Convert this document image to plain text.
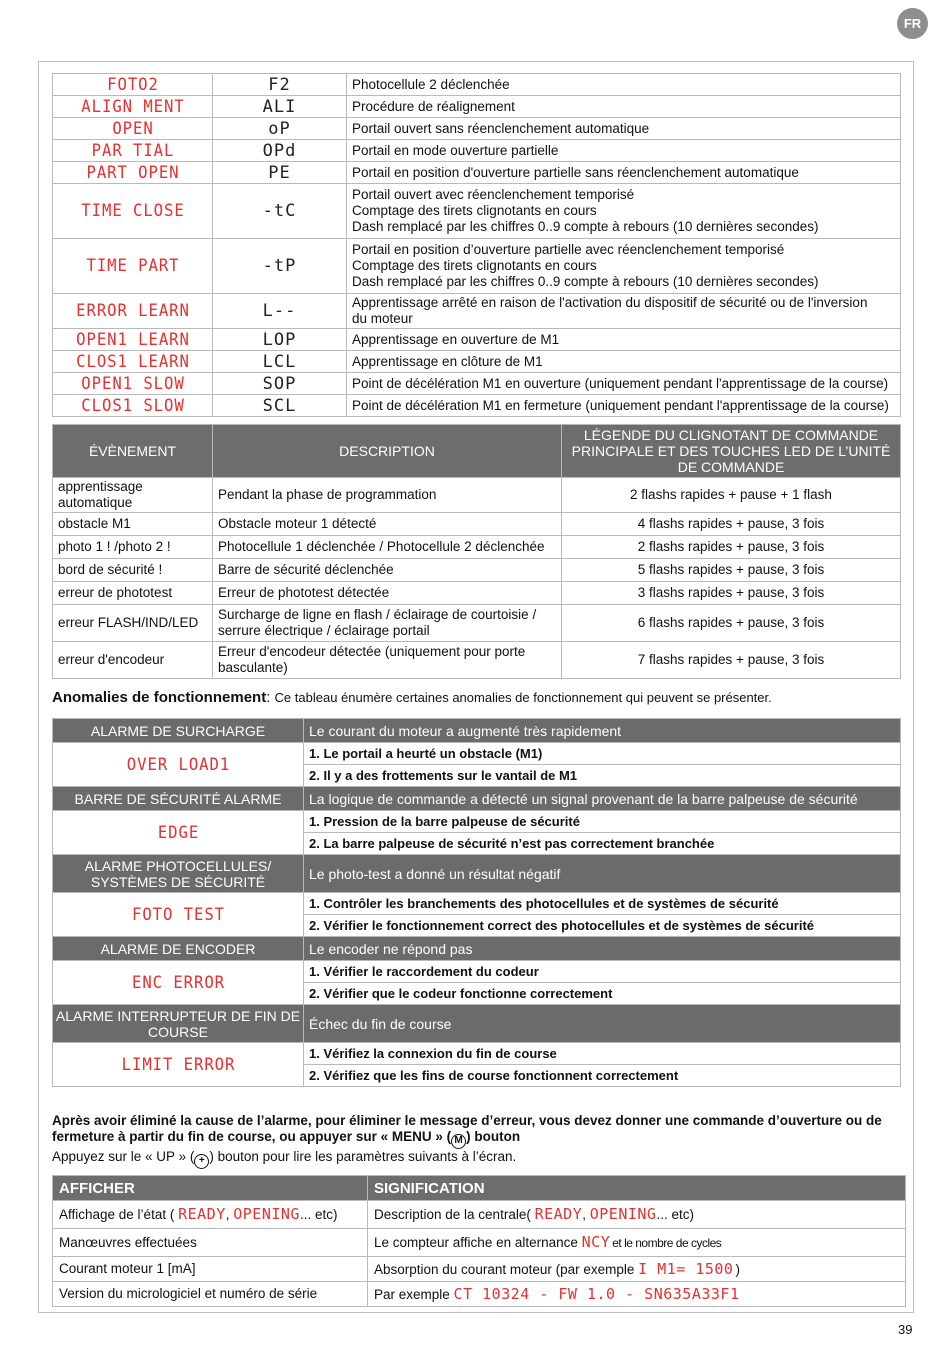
FR
FOTO2	F2	Photocellule 2 déclenchée

ALIGN MENT	ALI	Procédure de réalignement

OPEN	oP	Portail ouvert sans réenclenchement automatique

PAR TIAL	OPd	Portail en mode ouverture partielle

PART OPEN	PE	Portail en position d'ouverture partielle sans réenclenchement automatique

TIME CLOSE	-tC	Portail ouvert avec réenclenchement temporisé
Comptage des tirets clignotants en cours
Dash remplacé par les chiffres 0..9 compte à rebours (10 dernières secondes)

TIME PART	-tP	Portail en position d’ouverture partielle avec réenclenchement temporisé
Comptage des tirets clignotants en cours
Dash remplacé par les chiffres 0..9 compte à rebours (10 dernières secondes)

ERROR LEARN	L--	Apprentissage arrêté en raison de l'activation du dispositif de sécurité ou de l'inversion
du moteur

OPEN1 LEARN	LOP	Apprentissage en ouverture de M1

CLOS1 LEARN	LCL	Apprentissage en clôture de M1

OPEN1 SLOW	SOP	Point de décélération M1 en ouverture (uniquement pendant l'apprentissage de la course)

CLOS1 SLOW	SCL	Point de décélération M1 en fermeture (uniquement pendant l'apprentissage de la course)
ÉVÈNEMENT	DESCRIPTION	LÉGENDE DU CLIGNOTANT DE COMMANDE PRINCIPALE ET DES TOUCHES LED DE L’UNITÉ DE COMMANDE
apprentissage automatique	Pendant la phase de programmation	2 flashs rapides + pause + 1 flash
obstacle M1	Obstacle moteur 1 détecté	4 flashs rapides + pause, 3 fois
photo 1 ! /photo 2 !	Photocellule 1 déclenchée / Photocellule 2 déclenchée	2 flashs rapides + pause, 3 fois
bord de sécurité !	Barre de sécurité déclenchée	5 flashs rapides + pause, 3 fois
erreur de phototest	Erreur de phototest détectée	3 flashs rapides + pause, 3 fois
erreur FLASH/IND/LED	Surcharge de ligne en flash / éclairage de courtoisie / serrure électrique / éclairage portail	6 flashs rapides + pause, 3 fois
erreur d'encodeur	Erreur d'encodeur détectée (uniquement pour porte basculante)	7 flashs rapides + pause, 3 fois
Anomalies de fonctionnement: Ce tableau énumère certaines anomalies de fonctionnement qui peuvent se présenter.
ALARME DE SURCHARGE	Le courant du moteur a augmenté très rapidement
OVER LOAD1	1. Le portail a heurté un obstacle (M1)
	2. Il y a des frottements sur le vantail de M1
BARRE DE SÉCURITÉ ALARME	La logique de commande a détecté un signal provenant de la barre palpeuse de sécurité
EDGE	1. Pression de la barre palpeuse de sécurité
	2. La barre palpeuse de sécurité n’est pas correctement branchée
ALARME PHOTOCELLULES/ SYSTÈMES DE SÉCURITÉ	Le photo-test a donné un résultat négatif
FOTO TEST	1. Contrôler les branchements des photocellules et de systèmes de sécurité
	2. Vérifier le fonctionnement correct des photocellules et de systèmes de sécurité
ALARME DE ENCODER	Le encoder ne répond pas
ENC ERROR	1. Vérifier le raccordement du codeur
	2. Vérifier que le codeur fonctionne correctement
ALARME INTERRUPTEUR DE FIN DE COURSE	Échec du fin de course
LIMIT ERROR	1. Vérifiez la connexion du fin de course
	2. Vérifiez que les fins de course fonctionnent correctement
Après avoir éliminé la cause de l’alarme, pour éliminer le message d’erreur, vous devez donner une commande d’ouverture ou de fermeture à partir du fin de course, ou appuyer sur « MENU » ( M ) bouton
Appuyez sur le « UP » ( + ) bouton pour lire les paramètres suivants à l’écran.
AFFICHER	SIGNIFICATION
Affichage de l’état ( READY, OPENING... etc)	Description de la centrale( READY, OPENING... etc)
Manœuvres effectuées	Le compteur affiche en alternance NCY et le nombre de cycles
Courant moteur 1 [mA]	Absorption du courant moteur (par exemple I M1= 1500 )
Version du micrologiciel et numéro de série	Par exemple CT 10324 - FW 1.0 - SN635A33F1
39
